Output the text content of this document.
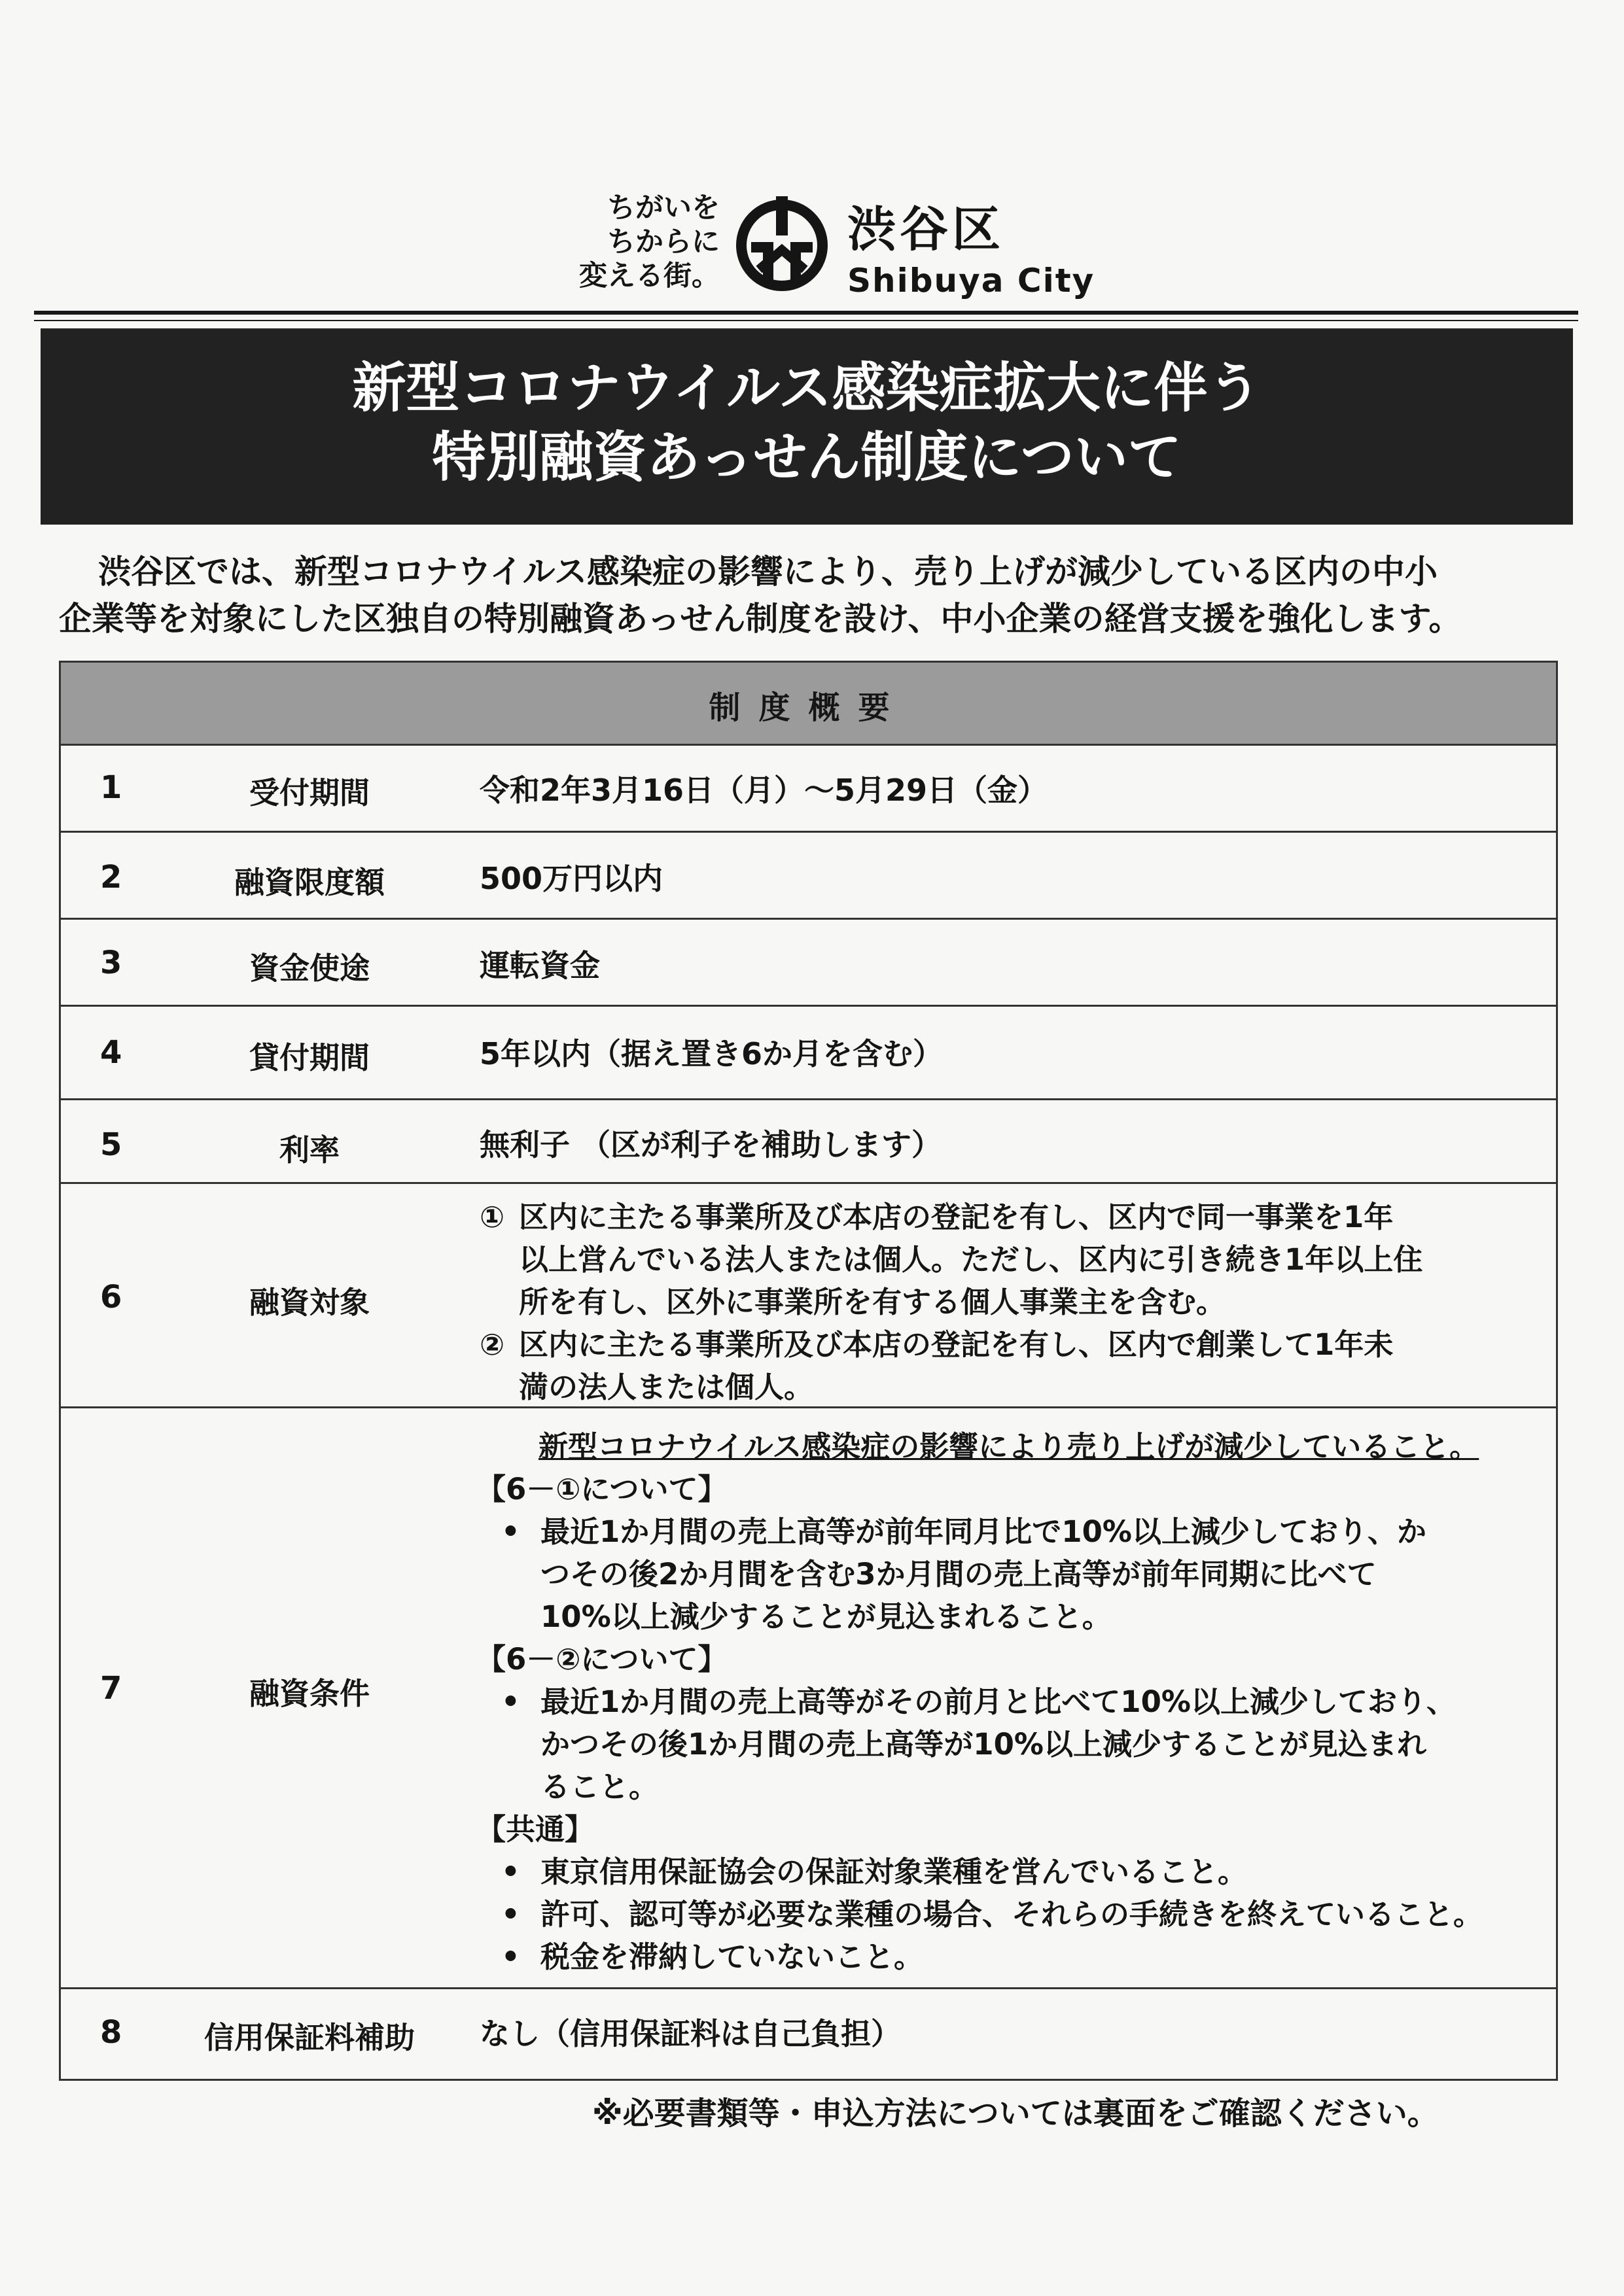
ちがいを
ちからに
変える街。
渋谷区
Shibuya City
新型コロナウイルス感染症拡大に伴う
特別融資あっせん制度について
渋谷区では、新型コロナウイルス感染症の影響により、売り上げが減少している区内の中小
企業等を対象にした区独自の特別融資あっせん制度を設け、中小企業の経営支援を強化します。
制度概要
1	受付期間	令和2年3月16日（月）～5月29日（金）
2	融資限度額	500万円以内
3	資金使途	運転資金
4	貸付期間	5年以内（据え置き6か月を含む）
5	利率	無利子 （区が利子を補助します）
6	融資対象
① 区内に主たる事業所及び本店の登記を有し、区内で同一事業を1年
以上営んでいる法人または個人。ただし、区内に引き続き1年以上住
所を有し、区外に事業所を有する個人事業主を含む。
② 区内に主たる事業所及び本店の登記を有し、区内で創業して1年未
満の法人または個人。
7	融資条件
新型コロナウイルス感染症の影響により売り上げが減少していること。
【6－①について】
• 最近1か月間の売上高等が前年同月比で10%以上減少しており、か
つその後2か月間を含む3か月間の売上高等が前年同期に比べて
10%以上減少することが見込まれること。
【6－②について】
• 最近1か月間の売上高等がその前月と比べて10%以上減少しており、
かつその後1か月間の売上高等が10%以上減少することが見込まれ
ること。
【共通】
• 東京信用保証協会の保証対象業種を営んでいること。
• 許可、認可等が必要な業種の場合、それらの手続きを終えていること。
• 税金を滞納していないこと。
8	信用保証料補助 なし（信用保証料は自己負担）
※必要書類等・申込方法については裏面をご確認ください。
